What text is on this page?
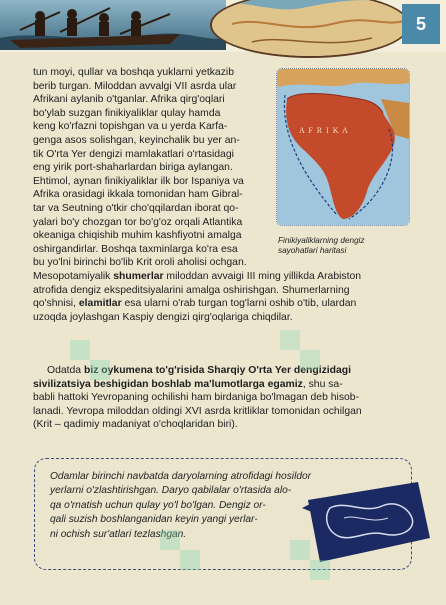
5

tun moyi, qullar va boshqa yuklarni yetkazib
berib turgan. Miloddan avvalgi VII asrda ular
Afrikani aylanib o'tganlar. Afrika qirg'oqlari
bo'ylab suzgan finikiyaliklar qulay hamda
keng ko'rfazni topishgan va u yerda Karfa-
genga asos solishgan, keyinchalik bu yer an-
tik O'rta Yer dengizi mamlakatlari o'rtasidagi
eng yirik port-shaharlardan biriga aylangan.
Ehtimol, aynan finikiyaliklar ilk bor Ispaniya va
Afrika orasidagi ikkala tomonidan ham Gibral-
tar va Seutning o'tkir cho'qqilardan iborat qo-
yalari bo'y chozgan tor bo'g'oz orqali Atlantika
okeaniga chiqishib muhim kashfiyotni amalga
oshirgandirlar. Boshqa taxminlarga ko'ra esa
bu yo'lni birinchi bo'lib Krit oroli aholisi ochgan.

A F R I K A
Finikiyaliklarning dengiz
sayohatlari haritasi

Mesopotamiyalik shumerlar miloddan avvaigi III ming yillikda Arabiston
atrofida dengiz ekspeditsiyalarini amalga oshirishgan. Shumerlarning
qo'shnisi, elamitlar esa ularni o'rab turgan tog'larni oshib o'tib, ulardan
uzoqda joylashgan Kaspiy dengizi qirg'oqlariga chiqdilar.

Odatda biz oykumena to'g'risida Sharqiy O'rta Yer dengizidagi
sivilizatsiya beshigidan boshlab ma'lumotlarga egamiz, shu sa-
babli hattoki Yevropaning ochilishi ham birdaniga bo'lmagan deb hisob-
lanadi. Yevropa miloddan oldingi XVI asrda kritliklar tomonidan ochilgan
(Krit – qadimiy madaniyat o'choqlaridan biri).

Odamlar birinchi navbatda daryolarning atrofidagi hosildor
yerlarni o'zlashtirishgan. Daryo qabilalar o'rtasida alo-
qa o'rnatish uchun qulay yo'l bo'lgan. Dengiz or-
qali suzish boshlanganidan keyin yangi yerlar-
ni ochish sur'atlari tezlashgan.
